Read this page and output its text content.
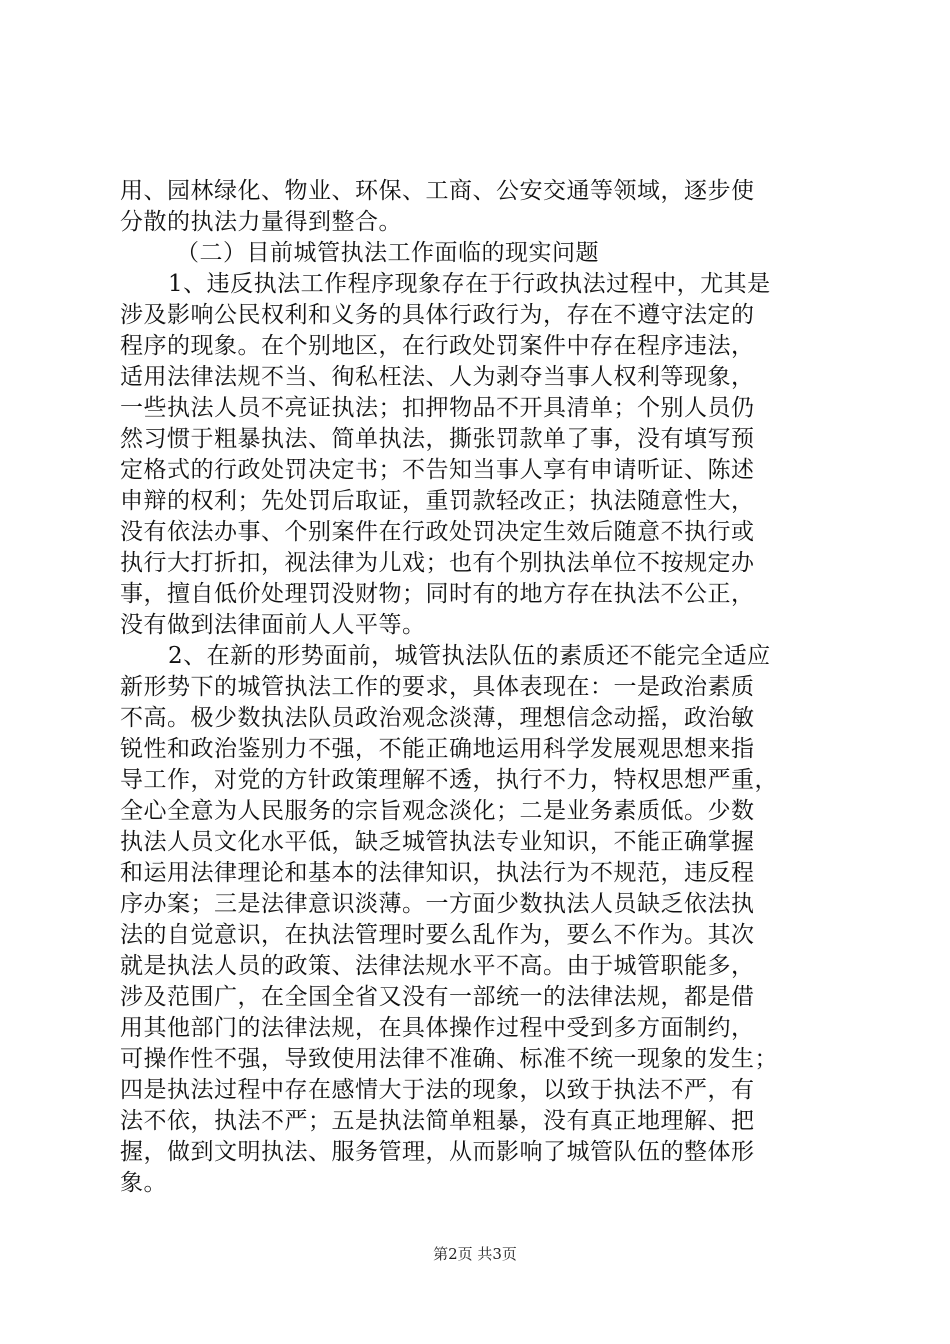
用、园林绿化、物业、环保、工商、公安交通等领域，逐步使
分散的执法力量得到整合。
（二）目前城管执法工作面临的现实问题
1、违反执法工作程序现象存在于行政执法过程中，尤其是
涉及影响公民权利和义务的具体行政行为，存在不遵守法定的
程序的现象。在个别地区，在行政处罚案件中存在程序违法，
适用法律法规不当、徇私枉法、人为剥夺当事人权利等现象，
一些执法人员不亮证执法；扣押物品不开具清单；个别人员仍
然习惯于粗暴执法、简单执法，撕张罚款单了事，没有填写预
定格式的行政处罚决定书；不告知当事人享有申请听证、陈述
申辩的权利；先处罚后取证，重罚款轻改正；执法随意性大，
没有依法办事、个别案件在行政处罚决定生效后随意不执行或
执行大打折扣，视法律为儿戏；也有个别执法单位不按规定办
事，擅自低价处理罚没财物；同时有的地方存在执法不公正，
没有做到法律面前人人平等。
2、在新的形势面前，城管执法队伍的素质还不能完全适应
新形势下的城管执法工作的要求，具体表现在：一是政治素质
不高。极少数执法队员政治观念淡薄，理想信念动摇，政治敏
锐性和政治鉴别力不强，不能正确地运用科学发展观思想来指
导工作，对党的方针政策理解不透，执行不力，特权思想严重，
全心全意为人民服务的宗旨观念淡化；二是业务素质低。少数
执法人员文化水平低，缺乏城管执法专业知识，不能正确掌握
和运用法律理论和基本的法律知识，执法行为不规范，违反程
序办案；三是法律意识淡薄。一方面少数执法人员缺乏依法执
法的自觉意识，在执法管理时要么乱作为，要么不作为。其次
就是执法人员的政策、法律法规水平不高。由于城管职能多，
涉及范围广，在全国全省又没有一部统一的法律法规，都是借
用其他部门的法律法规，在具体操作过程中受到多方面制约，
可操作性不强，导致使用法律不准确、标准不统一现象的发生；
四是执法过程中存在感情大于法的现象，以致于执法不严，有
法不依，执法不严；五是执法简单粗暴，没有真正地理解、把
握，做到文明执法、服务管理，从而影响了城管队伍的整体形
象。
第2页 共3页
